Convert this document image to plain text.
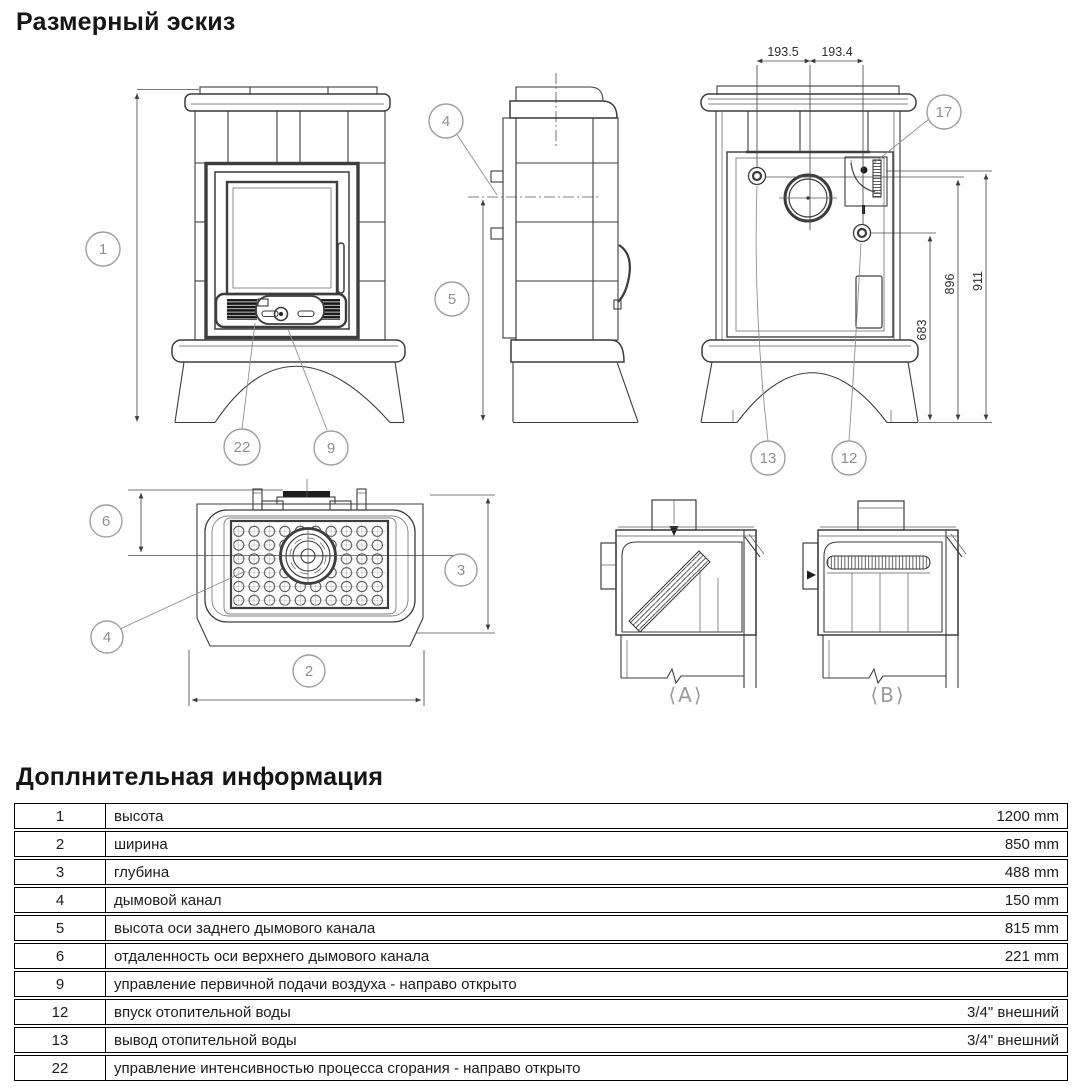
Размерный эскиз
193.5 193.4
683
896 911
⟨A⟩	⟨B⟩
1
4
5
22	9
17
13	12
6
3
2
4
Доплнительная информация
1	высота	1200 mm
2	ширина	850 mm
3	глубина	488 mm
4	дымовой канал	150 mm
5	высота оси заднего дымового канала	815 mm
6	отдаленность оси верхнего дымового канала	221 mm
9	управление первичной подачи воздуха - направо открыто	
12	впуск отопительной воды	3/4" внешний
13	вывод отопительной воды	3/4" внешний
22	управление интенсивностью процесса сгорания - направо открыто	
